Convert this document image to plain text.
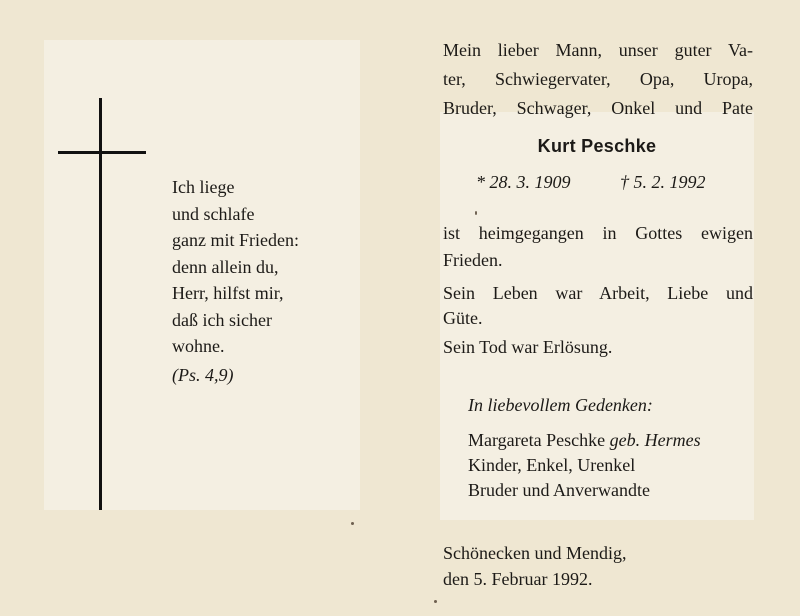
Ich liege
und schlafe
ganz mit Frieden:
denn allein du,
Herr, hilfst mir,
daß ich sicher
wohne.
(Ps. 4,9)
Mein lieber Mann, unser guter Va-
ter, Schwiegervater, Opa, Uropa,
Bruder, Schwager, Onkel und Pate
Kurt Peschke
* 28. 3. 1909	† 5. 2. 1992
ist heimgegangen in Gottes ewigen
Frieden.
Sein Leben war Arbeit, Liebe und
Güte.
Sein Tod war Erlösung.
In liebevollem Gedenken:
Margareta Peschke geb. Hermes
Kinder, Enkel, Urenkel
Bruder und Anverwandte
Schönecken und Mendig,
den 5. Februar 1992.
